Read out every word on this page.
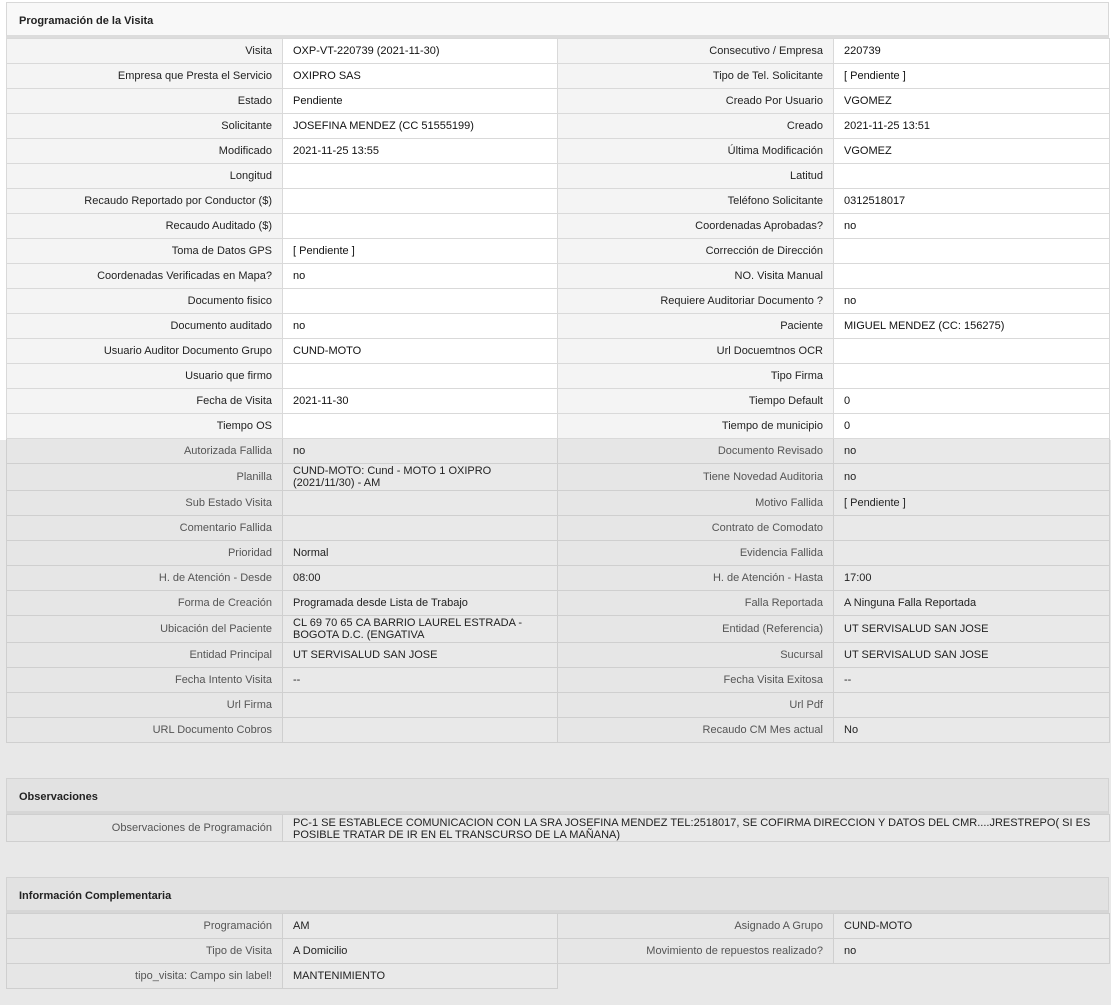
Programación de la Visita
Visita	OXP-VT-220739 (2021-11-30)	Consecutivo / Empresa	220739
Empresa que Presta el Servicio	OXIPRO SAS	Tipo de Tel. Solicitante	[ Pendiente ]
Estado	Pendiente	Creado Por Usuario	VGOMEZ
Solicitante	JOSEFINA MENDEZ (CC 51555199)	Creado	2021-11-25 13:51
Modificado	2021-11-25 13:55	Última Modificación	VGOMEZ
Longitud		Latitud	
Recaudo Reportado por Conductor ($)		Teléfono Solicitante	0312518017
Recaudo Auditado ($)		Coordenadas Aprobadas?	no
Toma de Datos GPS	[ Pendiente ]	Corrección de Dirección	
Coordenadas Verificadas en Mapa?	no	NO. Visita Manual	
Documento fisico		Requiere Auditoriar Documento ?	no
Documento auditado	no	Paciente	MIGUEL MENDEZ (CC: 156275)
Usuario Auditor Documento Grupo	CUND-MOTO	Url Docuemtnos OCR	
Usuario que firmo		Tipo Firma	
Fecha de Visita	2021-11-30	Tiempo Default	0
Tiempo OS		Tiempo de municipio	0
Autorizada Fallida	no	Documento Revisado	no
Planilla	CUND-MOTO: Cund - MOTO 1 OXIPRO (2021/11/30) - AM	Tiene Novedad Auditoria	no
Sub Estado Visita		Motivo Fallida	[ Pendiente ]
Comentario Fallida		Contrato de Comodato	
Prioridad	Normal	Evidencia Fallida	
H. de Atención - Desde	08:00	H. de Atención - Hasta	17:00
Forma de Creación	Programada desde Lista de Trabajo	Falla Reportada	A Ninguna Falla Reportada
Ubicación del Paciente	CL 69 70 65 CA BARRIO LAUREL ESTRADA - BOGOTA D.C. (ENGATIVA	Entidad (Referencia)	UT SERVISALUD SAN JOSE
Entidad Principal	UT SERVISALUD SAN JOSE	Sucursal	UT SERVISALUD SAN JOSE
Fecha Intento Visita	--	Fecha Visita Exitosa	--
Url Firma		Url Pdf	
URL Documento Cobros		Recaudo CM Mes actual	No
Observaciones
Observaciones de Programación	PC-1 SE ESTABLECE COMUNICACION CON LA SRA JOSEFINA MENDEZ TEL:2518017, SE COFIRMA DIRECCION Y DATOS DEL CMR....JRESTREPO( SI ES POSIBLE TRATAR DE IR EN EL TRANSCURSO DE LA MAÑANA)
Información Complementaria
Programación	AM	Asignado A Grupo	CUND-MOTO
Tipo de Visita	A Domicilio	Movimiento de repuestos realizado?	no
tipo_visita: Campo sin label!	MANTENIMIENTO		
